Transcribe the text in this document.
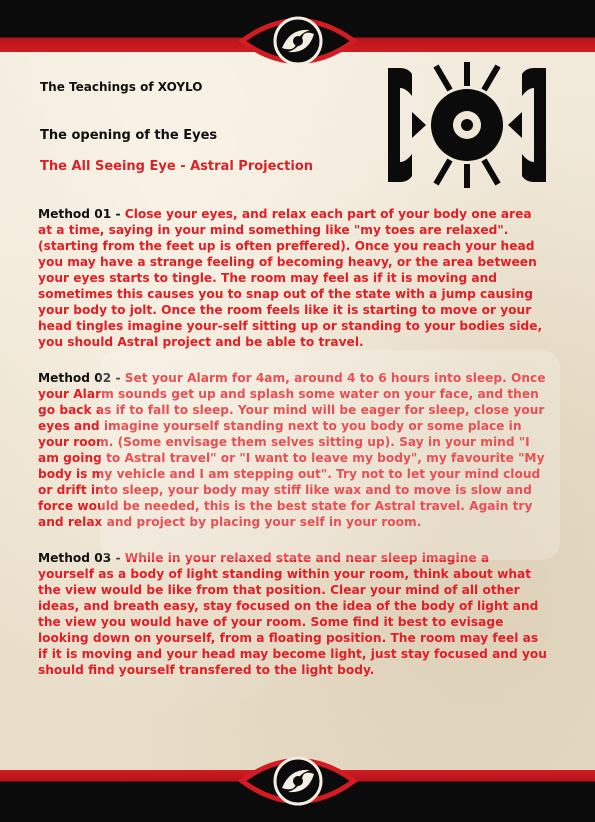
The Teachings of XOYLO

The opening of the Eyes

The All Seeing Eye - Astral Projection

Method 01 - Close your eyes, and relax each part of your body one area at a time, saying in your mind something like "my toes are relaxed". (starting from the feet up is often preffered). Once you reach your head you may have a strange feeling of becoming heavy, or the area between your eyes starts to tingle. The room may feel as if it is moving and sometimes this causes you to snap out of the state with a jump causing your body to jolt. Once the room feels like it is starting to move or your head tingles imagine your-self sitting up or standing to your bodies side, you should Astral project and be able to travel.

Method 02 - Set your Alarm for 4am, around 4 to 6 hours into sleep. Once your Alarm sounds get up and splash some water on your face, and then go back as if to fall to sleep. Your mind will be eager for sleep, close your eyes and imagine yourself standing next to you body or some place in your room. (Some envisage them selves sitting up). Say in your mind "I am going to Astral travel" or "I want to leave my body", my favourite "My body is my vehicle and I am stepping out". Try not to let your mind cloud or drift into sleep, your body may stiff like wax and to move is slow and force would be needed, this is the best state for Astral travel. Again try and relax and project by placing your self in your room.

Method 03 - While in your relaxed state and near sleep imagine a yourself as a body of light standing within your room, think about what the view would be like from that position. Clear your mind of all other ideas, and breath easy, stay focused on the idea of the body of light and the view you would have of your room. Some find it best to evisage looking down on yourself, from a floating position. The room may feel as if it is moving and your head may become light, just stay focused and you should find yourself transfered to the light body.
